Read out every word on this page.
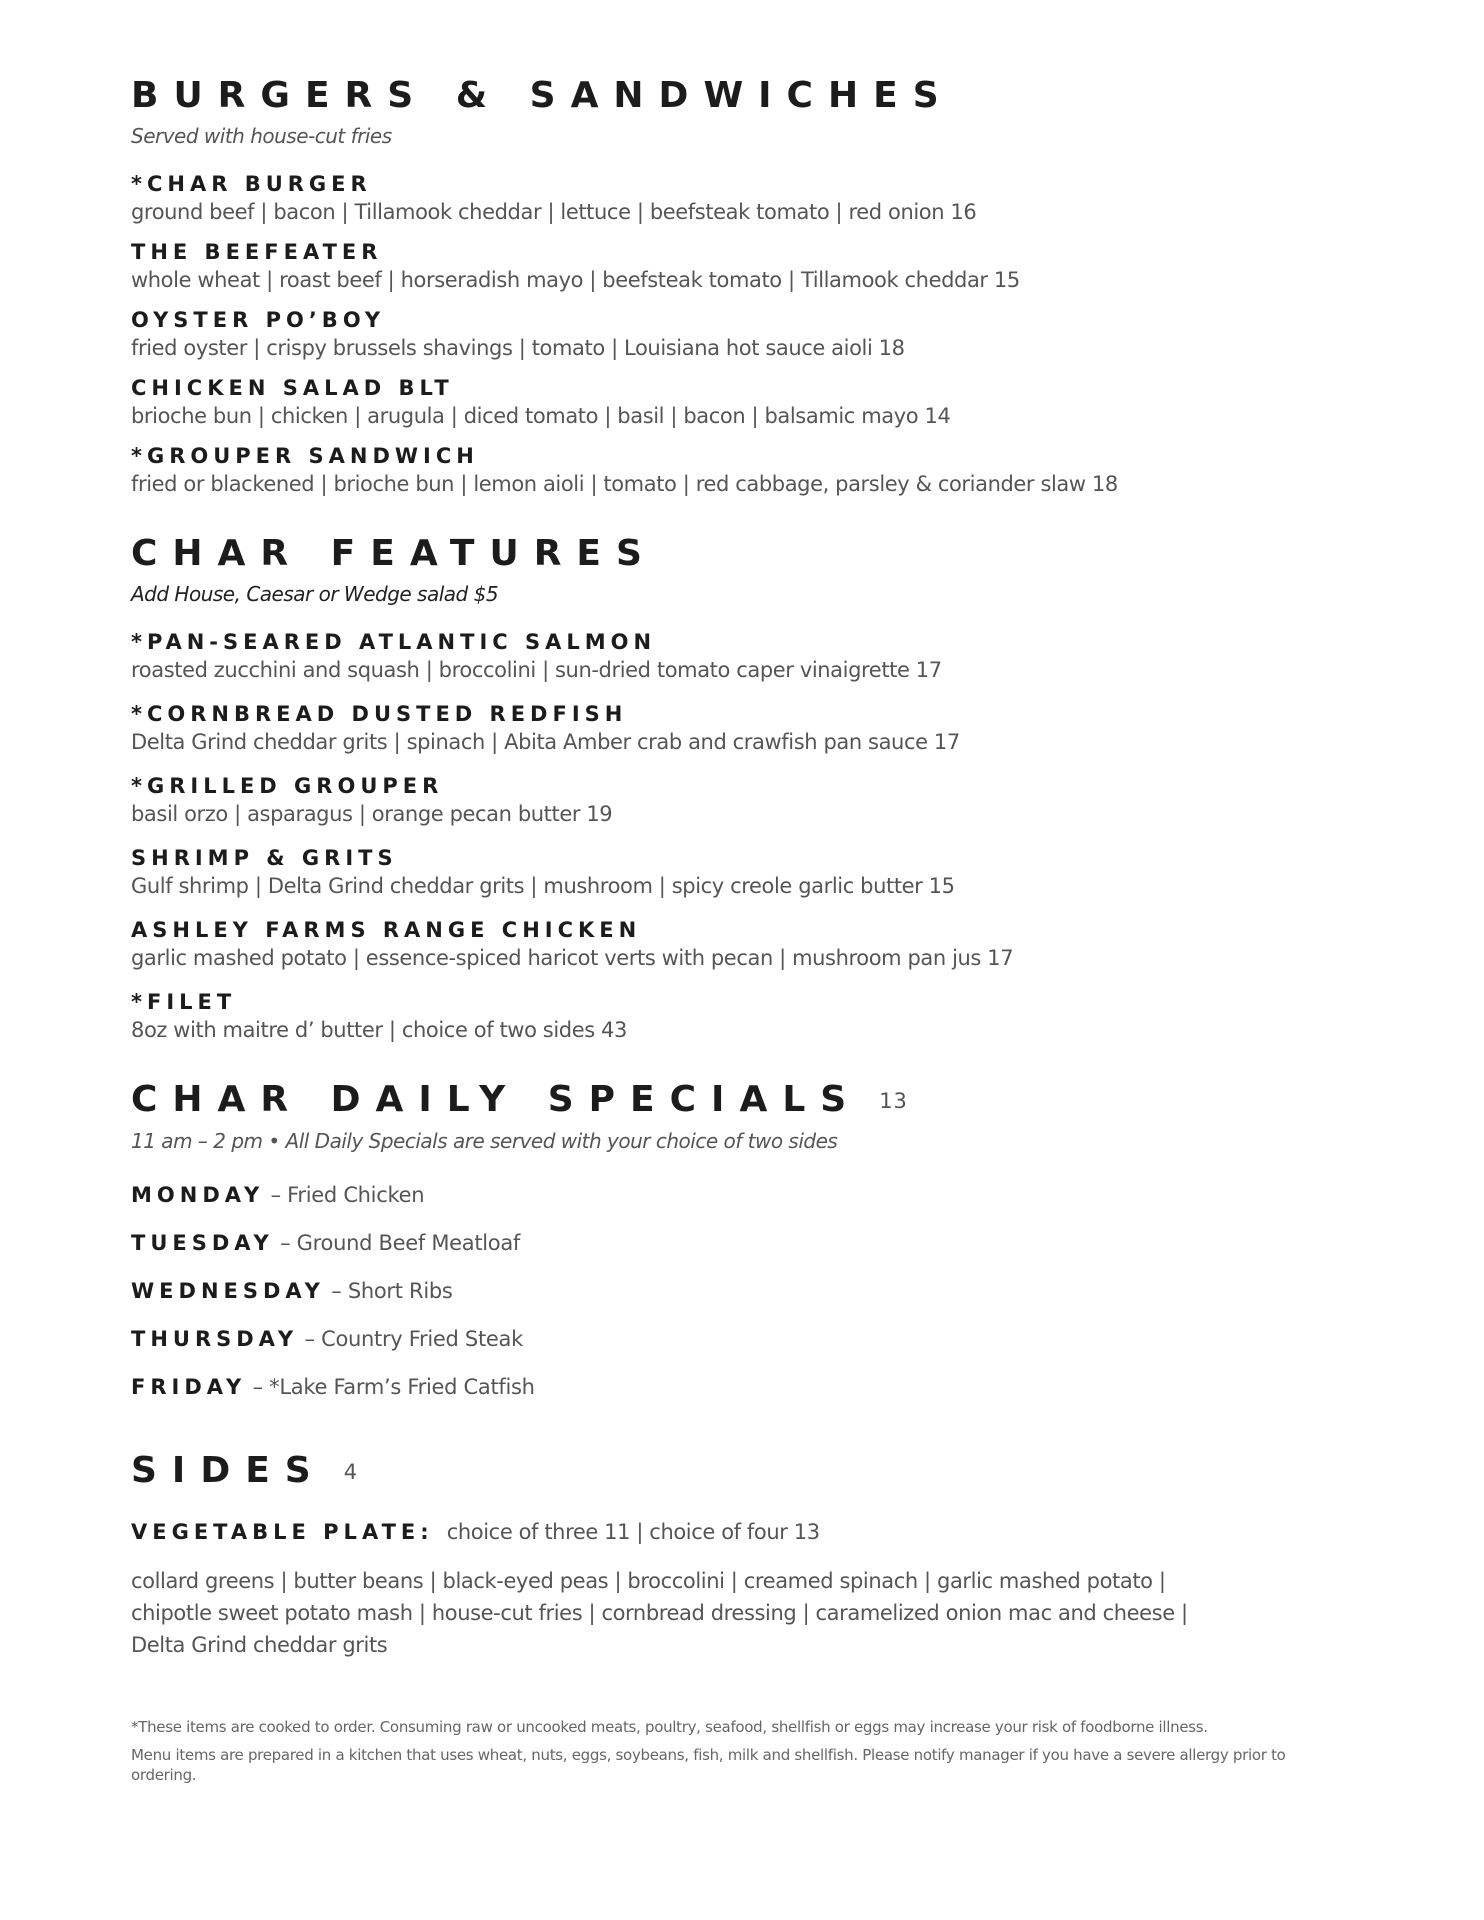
BURGERS & SANDWICHES
Served with house-cut fries
*CHAR BURGER
ground beef | bacon | Tillamook cheddar | lettuce | beefsteak tomato | red onion 16
THE BEEFEATER
whole wheat | roast beef | horseradish mayo | beefsteak tomato | Tillamook cheddar 15
OYSTER PO’BOY
fried oyster | crispy brussels shavings | tomato | Louisiana hot sauce aioli 18
CHICKEN SALAD BLT
brioche bun | chicken | arugula | diced tomato | basil | bacon | balsamic mayo 14
*GROUPER SANDWICH
fried or blackened | brioche bun | lemon aioli | tomato | red cabbage, parsley & coriander slaw 18
CHAR FEATURES
Add House, Caesar or Wedge salad $5
*PAN-SEARED ATLANTIC SALMON
roasted zucchini and squash | broccolini | sun-dried tomato caper vinaigrette 17
*CORNBREAD DUSTED REDFISH
Delta Grind cheddar grits | spinach | Abita Amber crab and crawfish pan sauce 17
*GRILLED GROUPER
basil orzo | asparagus | orange pecan butter 19
SHRIMP & GRITS
Gulf shrimp | Delta Grind cheddar grits | mushroom | spicy creole garlic butter 15
ASHLEY FARMS RANGE CHICKEN
garlic mashed potato | essence-spiced haricot verts with pecan | mushroom pan jus 17
*FILET
8oz with maitre d’ butter | choice of two sides 43
CHAR DAILY SPECIALS 13
11 am – 2 pm • All Daily Specials are served with your choice of two sides
MONDAY – Fried Chicken
TUESDAY – Ground Beef Meatloaf
WEDNESDAY – Short Ribs
THURSDAY – Country Fried Steak
FRIDAY – *Lake Farm’s Fried Catfish
SIDES 4
VEGETABLE PLATE: choice of three 11 | choice of four 13
collard greens | butter beans | black-eyed peas | broccolini | creamed spinach | garlic mashed potato | chipotle sweet potato mash | house-cut fries | cornbread dressing | caramelized onion mac and cheese | Delta Grind cheddar grits

*These items are cooked to order. Consuming raw or uncooked meats, poultry, seafood, shellfish or eggs may increase your risk of foodborne illness.

Menu items are prepared in a kitchen that uses wheat, nuts, eggs, soybeans, fish, milk and shellfish. Please notify manager if you have a severe allergy prior to ordering.
